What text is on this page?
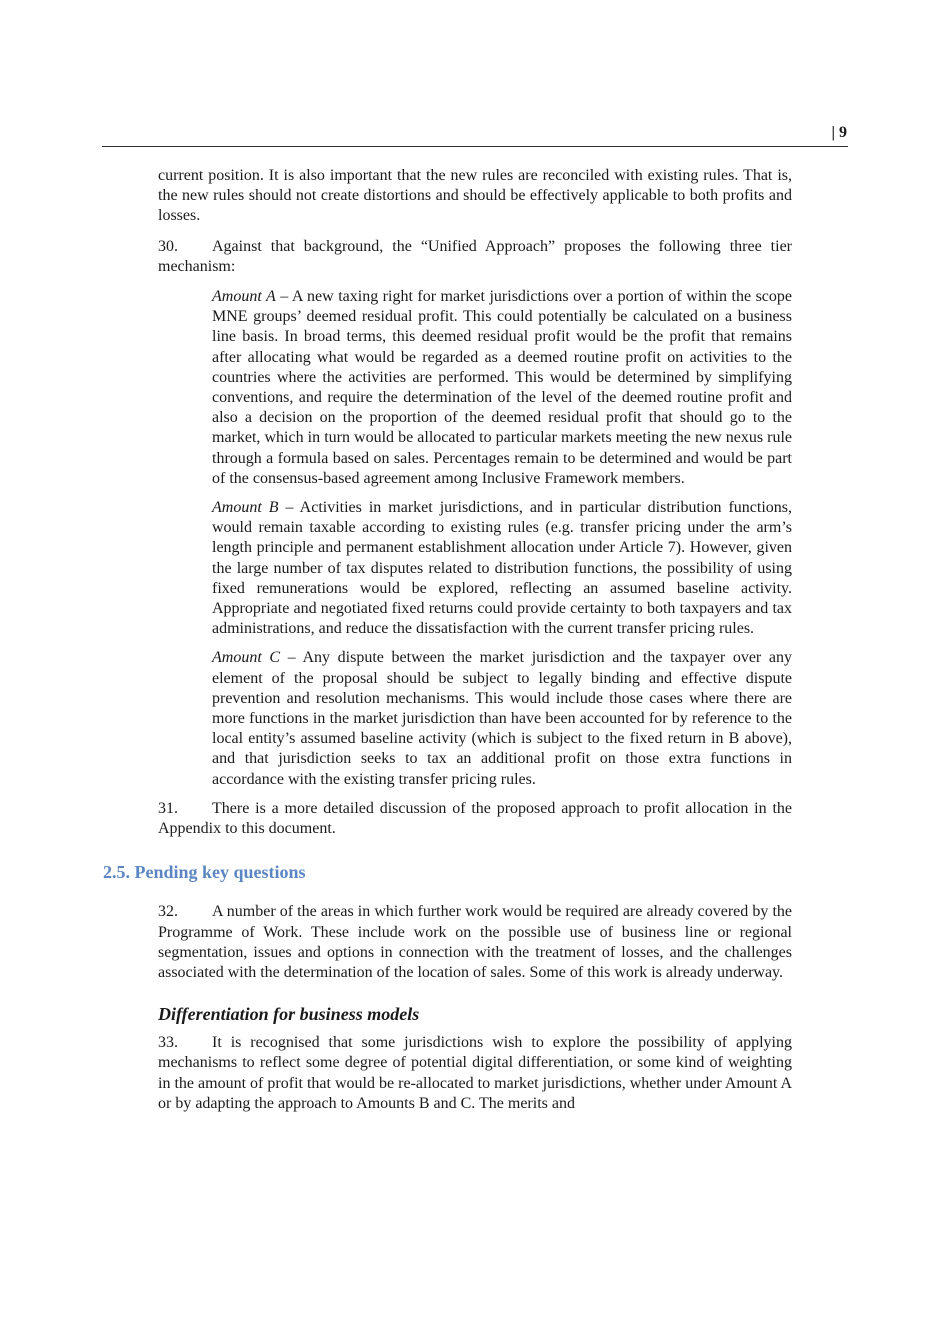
| 9

current position. It is also important that the new rules are reconciled with existing rules. That is, the new rules should not create distortions and should be effectively applicable to both profits and losses.

30. Against that background, the “Unified Approach” proposes the following three tier mechanism:

Amount A – A new taxing right for market jurisdictions over a portion of within the scope MNE groups’ deemed residual profit. This could potentially be calculated on a business line basis. In broad terms, this deemed residual profit would be the profit that remains after allocating what would be regarded as a deemed routine profit on activities to the countries where the activities are performed. This would be determined by simplifying conventions, and require the determination of the level of the deemed routine profit and also a decision on the proportion of the deemed residual profit that should go to the market, which in turn would be allocated to particular markets meeting the new nexus rule through a formula based on sales. Percentages remain to be determined and would be part of the consensus-based agreement among Inclusive Framework members.

Amount B – Activities in market jurisdictions, and in particular distribution functions, would remain taxable according to existing rules (e.g. transfer pricing under the arm’s length principle and permanent establishment allocation under Article 7). However, given the large number of tax disputes related to distribution functions, the possibility of using fixed remunerations would be explored, reflecting an assumed baseline activity. Appropriate and negotiated fixed returns could provide certainty to both taxpayers and tax administrations, and reduce the dissatisfaction with the current transfer pricing rules.

Amount C – Any dispute between the market jurisdiction and the taxpayer over any element of the proposal should be subject to legally binding and effective dispute prevention and resolution mechanisms. This would include those cases where there are more functions in the market jurisdiction than have been accounted for by reference to the local entity’s assumed baseline activity (which is subject to the fixed return in B above), and that jurisdiction seeks to tax an additional profit on those extra functions in accordance with the existing transfer pricing rules.

31. There is a more detailed discussion of the proposed approach to profit allocation in the Appendix to this document.

2.5. Pending key questions

32. A number of the areas in which further work would be required are already covered by the Programme of Work. These include work on the possible use of business line or regional segmentation, issues and options in connection with the treatment of losses, and the challenges associated with the determination of the location of sales. Some of this work is already underway.

Differentiation for business models

33. It is recognised that some jurisdictions wish to explore the possibility of applying mechanisms to reflect some degree of potential digital differentiation, or some kind of weighting in the amount of profit that would be re-allocated to market jurisdictions, whether under Amount A or by adapting the approach to Amounts B and C. The merits and
